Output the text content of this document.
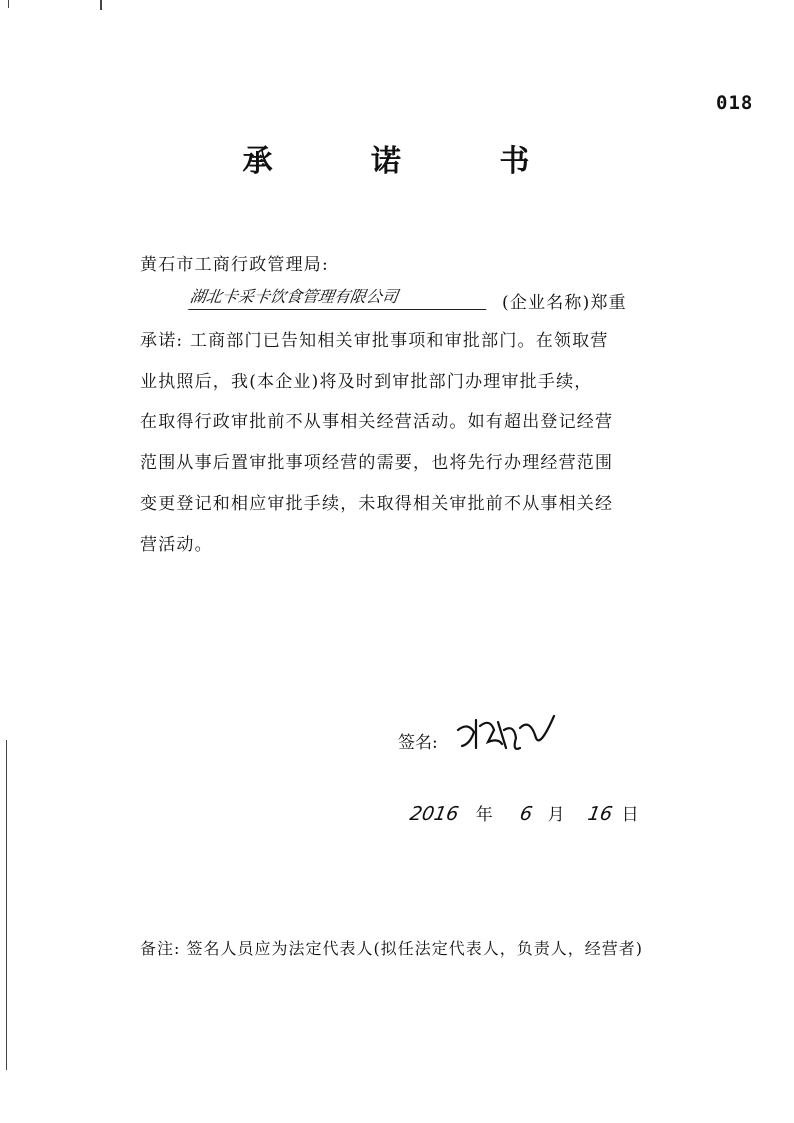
018
承 诺 书
黄石市工商行政管理局:
湖北卡采卡饮食管理有限公司	(企业名称)郑重
承诺: 工商部门已告知相关审批事项和审批部门。在领取营
业执照后，我(本企业)将及时到审批部门办理审批手续，
在取得行政审批前不从事相关经营活动。如有超出登记经营
范围从事后置审批事项经营的需要，也将先行办理经营范围
变更登记和相应审批手续，未取得相关审批前不从事相关经
营活动。
签名:
2016 年 6 月 16 日
备注: 签名人员应为法定代表人(拟任法定代表人，负责人，经营者)
